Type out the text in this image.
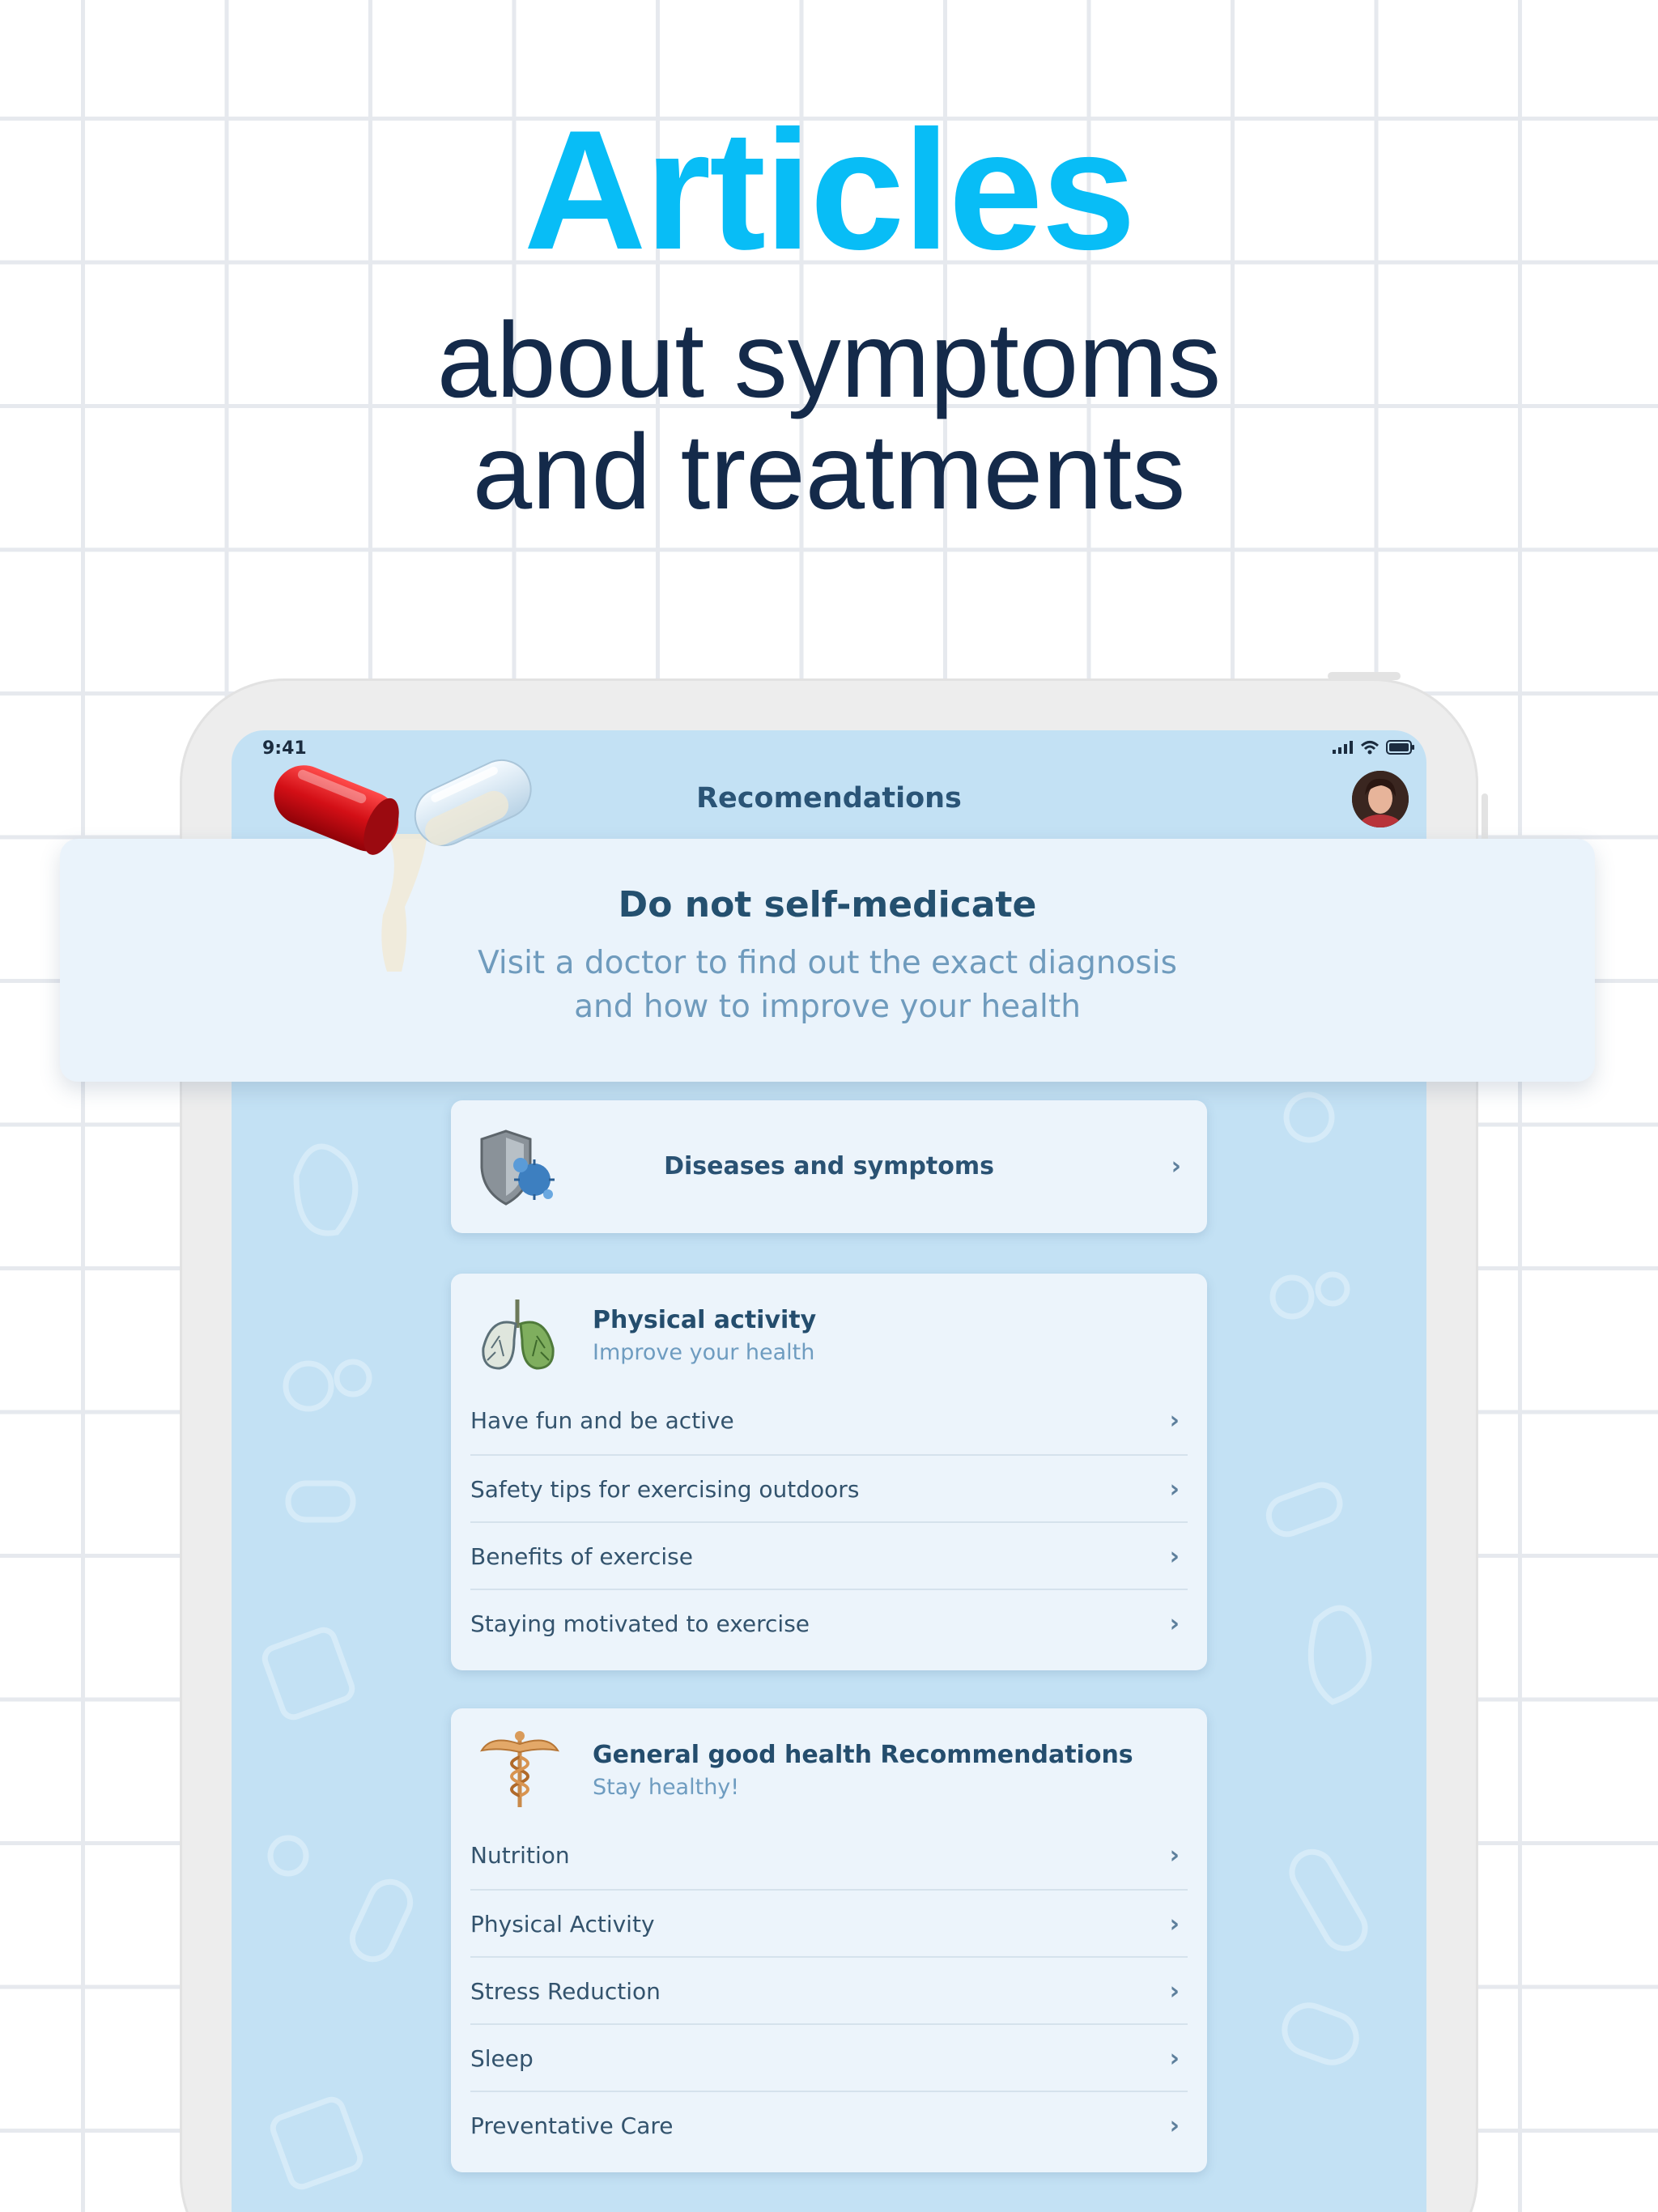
Articles
about symptoms
and treatments
9:41
Recomendations
Do not self-medicate
Visit a doctor to find out the exact diagnosis
and how to improve your health
Diseases and symptoms	›
Physical activity
Improve your health
Have fun and be active	›
Safety tips for exercising outdoors	›
Benefits of exercise	›
Staying motivated to exercise	›
General good health Recommendations
Stay healthy!
Nutrition	›
Physical Activity	›
Stress Reduction	›
Sleep	›
Preventative Care	›
